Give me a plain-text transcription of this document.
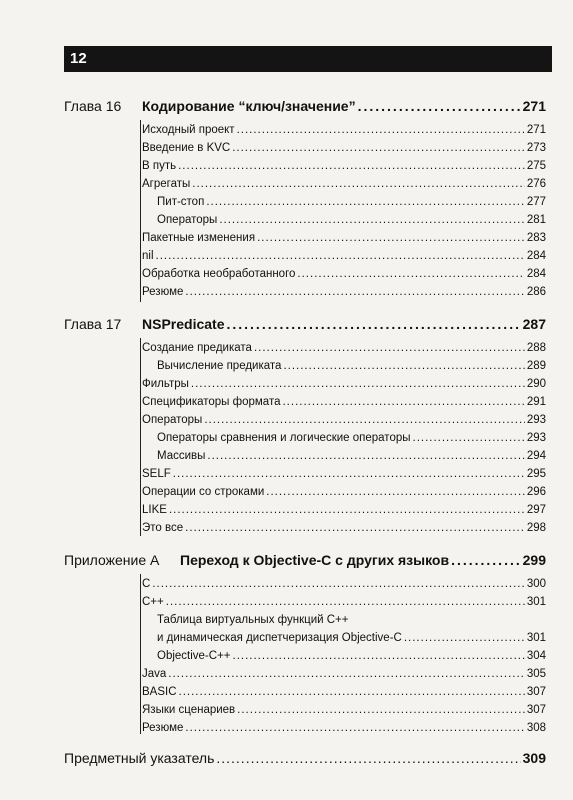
12
Глава 16 Кодирование “ключ/значение” .....	271
Исходный проект .....	271
Введение в KVC .....	273
В путь .....	275
Агрегаты .....	276
Пит-стоп .....	277
Операторы .....	281
Пакетные изменения .....	283
nil .....	284
Обработка необработанного .....	284
Резюме .....	286
Глава 17 NSPredicate .....	287
Создание предиката .....	288
Вычисление предиката .....	289
Фильтры .....	290
Спецификаторы формата .....	291
Операторы .....	293
Операторы сравнения и логические операторы .....	293
Массивы .....	294
SELF .....	295
Операции со строками .....	296
LIKE .....	297
Это все .....	298
Приложение А Переход к Objective-C с других языков .....	299
C .....	300
C++ .....	301
Таблица виртуальных функций C++
и динамическая диспетчеризация Objective-C .....	301
Objective-C++ .....	304
Java .....	305
BASIC .....	307
Языки сценариев .....	307
Резюме .....	308
Предметный указатель .....	309
